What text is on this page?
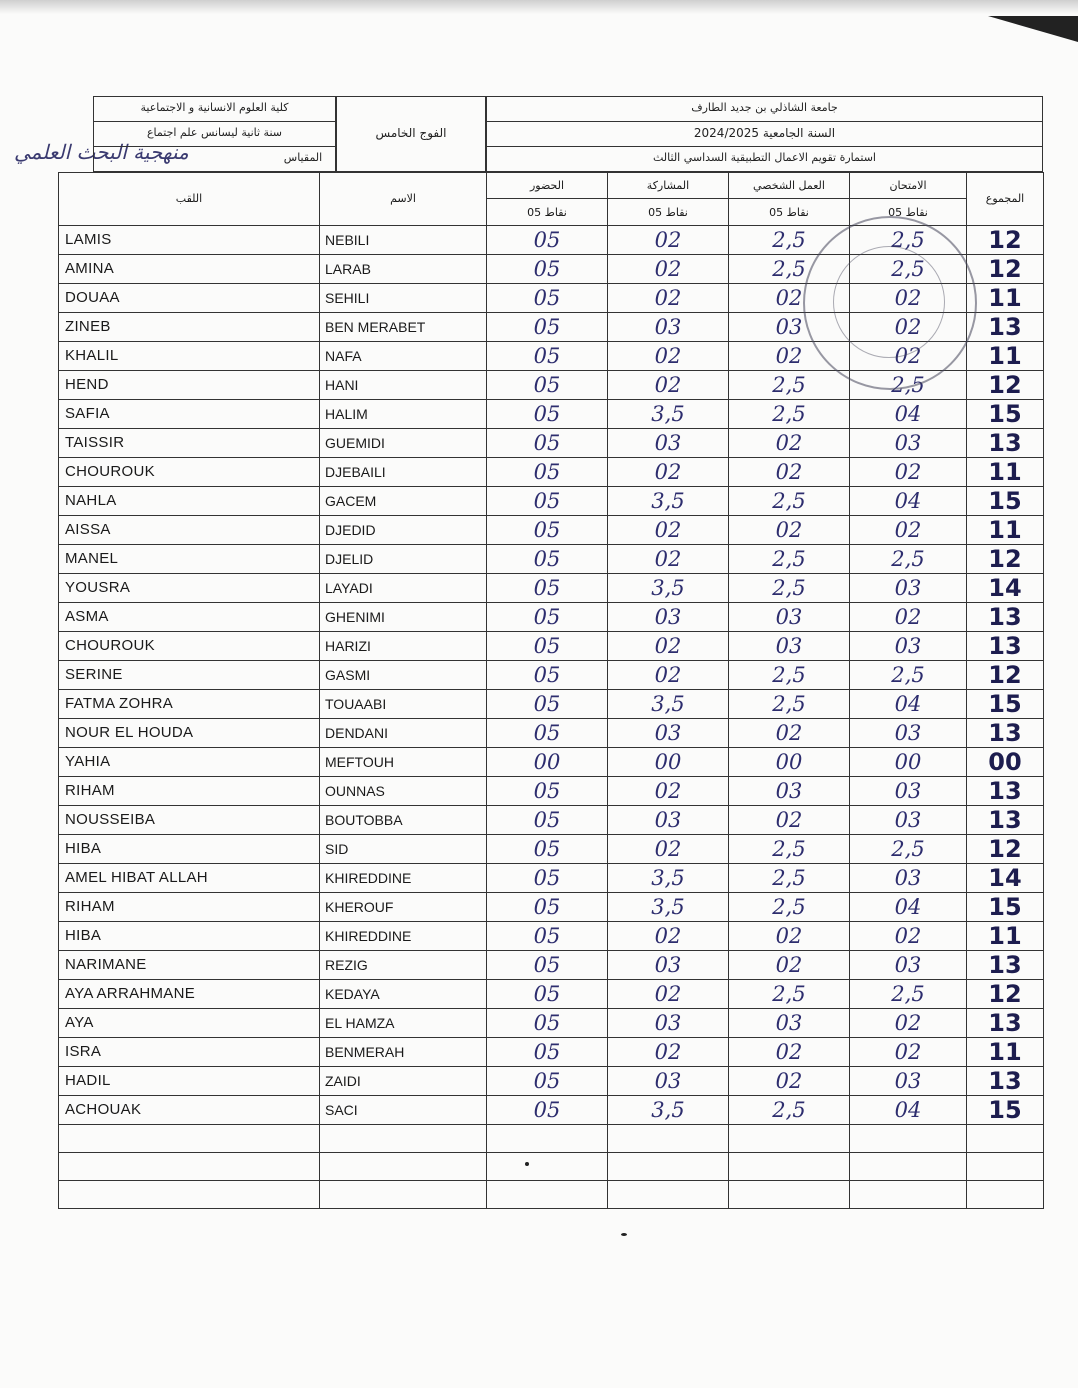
منهجية البحث العلمي
كلية العلوم الانسانية و الاجتماعية
سنة ثانية ليسانس علم اجتماع
المقياس
الفوج الخامس
جامعة الشاذلي بن جديد الطارف
السنة الجامعية 2024/2025
استمارة تقويم الاعمال التطبيقية السداسي الثالث
اللقب	الاسم	الحضور	المشاركة	العمل الشخصي	الامتحان	المجموع
		05 نقاط	05 نقاط	05 نقاط	05 نقاط	
LAMIS	NEBILI	05	02	2,5	2,5	12
AMINA	LARAB	05	02	2,5	2,5	12
DOUAA	SEHILI	05	02	02	02	11
ZINEB	BEN MERABET	05	03	03	02	13
KHALIL	NAFA	05	02	02	02	11
HEND	HANI	05	02	2,5	2,5	12
SAFIA	HALIM	05	3,5	2,5	04	15
TAISSIR	GUEMIDI	05	03	02	03	13
CHOUROUK	DJEBAILI	05	02	02	02	11
NAHLA	GACEM	05	3,5	2,5	04	15
AISSA	DJEDID	05	02	02	02	11
MANEL	DJELID	05	02	2,5	2,5	12
YOUSRA	LAYADI	05	3,5	2,5	03	14
ASMA	GHENIMI	05	03	03	02	13
CHOUROUK	HARIZI	05	02	03	03	13
SERINE	GASMI	05	02	2,5	2,5	12
FATMA ZOHRA	TOUAABI	05	3,5	2,5	04	15
NOUR EL HOUDA	DENDANI	05	03	02	03	13
YAHIA	MEFTOUH	00	00	00	00	00
RIHAM	OUNNAS	05	02	03	03	13
NOUSSEIBA	BOUTOBBA	05	03	02	03	13
HIBA	SID	05	02	2,5	2,5	12
AMEL HIBAT ALLAH	KHIREDDINE	05	3,5	2,5	03	14
RIHAM	KHEROUF	05	3,5	2,5	04	15
HIBA	KHIREDDINE	05	02	02	02	11
NARIMANE	REZIG	05	03	02	03	13
AYA ARRAHMANE	KEDAYA	05	02	2,5	2,5	12
AYA	EL HAMZA	05	03	03	02	13
ISRA	BENMERAH	05	02	02	02	11
HADIL	ZAIDI	05	03	02	03	13
ACHOUAK	SACI	05	3,5	2,5	04	15
